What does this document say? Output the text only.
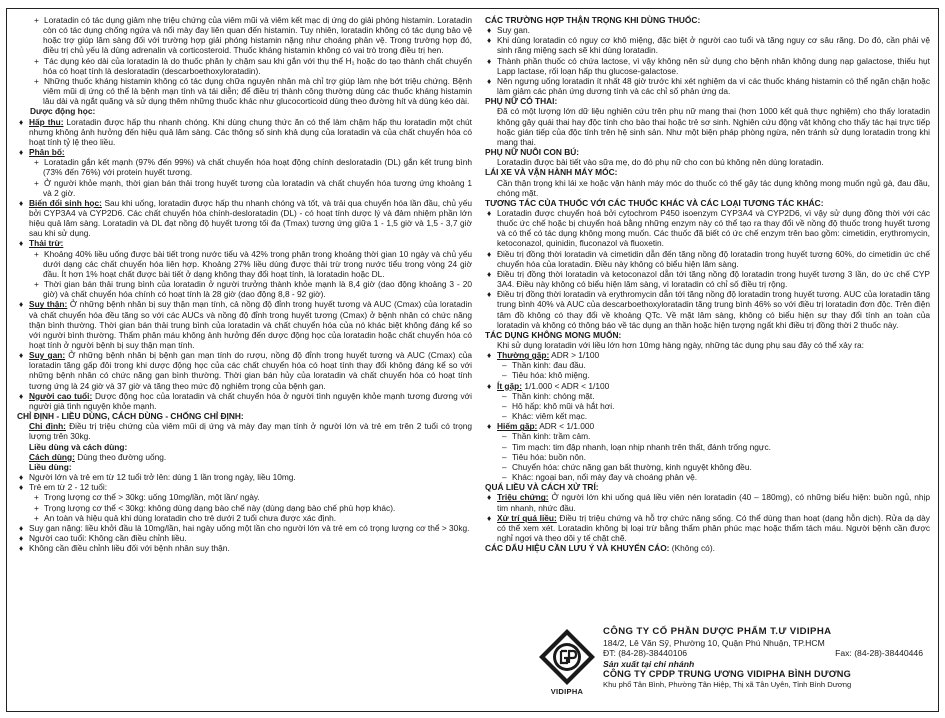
+ Loratadin có tác dụng giảm nhẹ triệu chứng của viêm mũi và viêm kết mạc dị ứng do giải phóng histamin. Loratadin còn có tác dụng chống ngứa và nổi mày đay liên quan đến histamin. Tuy nhiên, loratadin không có tác dụng bảo vệ hoặc trợ giúp lâm sàng đối với trường hợp giải phóng histamin nặng như choáng phản vệ. Trong trường hợp đó, điều trị chủ yếu là dùng adrenalin và corticosteroid. Thuốc kháng histamin không có vai trò trong điều trị hen.

+ Tác dụng kéo dài của loratadin là do thuốc phân ly chậm sau khi gắn với thụ thể H₁ hoặc do tạo thành chất chuyển hóa có hoạt tính là desloratadin (descarboethoxyloratadin).

+ Những thuốc kháng histamin không có tác dụng chữa nguyên nhân mà chỉ trợ giúp làm nhẹ bớt triệu chứng. Bệnh viêm mũi dị ứng có thể là bệnh mạn tính và tái diễn; để điều trị thành công thường dùng các thuốc kháng histamin lâu dài và ngắt quãng và sử dụng thêm những thuốc khác như glucocorticoid dùng theo đường hít và dùng kéo dài.

Dược động học:

♦ Hấp thu: Loratadin được hấp thu nhanh chóng. Khi dùng chung thức ăn có thể làm chậm hấp thu loratadin một chút nhưng không ảnh hưởng đến hiệu quả lâm sàng. Các thông số sinh khả dụng của loratadin và của chất chuyển hóa có hoạt tính tỷ lệ theo liều.

♦ Phân bố:

+ Loratadin gắn kết mạnh (97% đến 99%) và chất chuyển hóa hoạt động chính desloratadin (DL) gắn kết trung bình (73% đến 76%) với protein huyết tương.

+ Ở người khỏe mạnh, thời gian bán thải trong huyết tương của loratadin và chất chuyển hóa tương ứng khoảng 1 và 2 giờ.

♦ Biến đổi sinh học: Sau khi uống, loratadin được hấp thu nhanh chóng và tốt, và trải qua chuyển hóa lần đầu, chủ yếu bởi CYP3A4 và CYP2D6. Các chất chuyển hóa chính-desloratadin (DL) - có hoạt tính dược lý và đảm nhiệm phần lớn hiệu quả lâm sàng. Loratadin và DL đạt nồng độ huyết tương tối đa (Tmax) tương ứng giữa 1 - 1,5 giờ và 1,5 - 3,7 giờ sau khi sử dụng.

♦ Thải trừ:

+ Khoảng 40% liều uống được bài tiết trong nước tiểu và 42% trong phân trong khoảng thời gian 10 ngày và chủ yếu dưới dạng các chất chuyển hóa liên hợp. Khoảng 27% liều dùng được thải trừ trong nước tiểu trong vòng 24 giờ đầu. Ít hơn 1% hoạt chất được bài tiết ở dạng không thay đổi hoạt tính, là loratadin hoặc DL.

+ Thời gian bán thải trung bình của loratadin ở người trưởng thành khỏe mạnh là 8,4 giờ (dao động khoảng 3 - 20 giờ) và chất chuyển hóa chính có hoạt tính là 28 giờ (dao động 8,8 - 92 giờ).

♦ Suy thận: Ở những bệnh nhân bị suy thận mạn tính, cả nồng độ đỉnh trong huyết tương và AUC (Cmax) của loratadin và chất chuyển hóa đều tăng so với các AUCs và nồng độ đỉnh trong huyết tương (Cmax) ở bệnh nhân có chức năng thận bình thường. Thời gian bán thải trung bình của loratadin và chất chuyển hóa của nó khác biệt không đáng kể so với người bình thường. Thẩm phân máu không ảnh hưởng đến dược động học của loratadin hoặc chất chuyển hóa có hoạt tính ở người bệnh bị suy thận mạn tính.

♦ Suy gan: Ở những bệnh nhân bị bệnh gan mạn tính do rượu, nồng độ đỉnh trong huyết tương và AUC (Cmax) của loratadin tăng gấp đôi trong khi dược động học của các chất chuyển hóa có hoạt tính thay đổi không đáng kể so với những bệnh nhân có chức năng gan bình thường. Thời gian bán hủy của loratadin và chất chuyển hóa có hoạt tính tương ứng là 24 giờ và 37 giờ và tăng theo mức độ nghiêm trọng của bệnh gan.

♦ Người cao tuổi: Dược động học của loratadin và chất chuyển hóa ở người tình nguyện khỏe mạnh tương đương với người già tình nguyện khỏe mạnh.

CHỈ ĐỊNH - LIỀU DÙNG, CÁCH DÙNG - CHỐNG CHỈ ĐỊNH:

Chỉ định: Điều trị triệu chứng của viêm mũi dị ứng và mày đay mạn tính ở người lớn và trẻ em trên 2 tuổi có trọng lượng trên 30kg.

Liều dùng và cách dùng:

Cách dùng: Dùng theo đường uống.

Liều dùng:

♦ Người lớn và trẻ em từ 12 tuổi trở lên: dùng 1 lần trong ngày, liều 10mg.

♦ Trẻ em từ 2 - 12 tuổi:

+ Trọng lượng cơ thể > 30kg: uống 10mg/lần, một lần/ ngày.

+ Trọng lượng cơ thể < 30kg: không dùng dạng bào chế này (dùng dạng bào chế phù hợp khác).

+ An toàn và hiệu quả khi dùng loratadin cho trẻ dưới 2 tuổi chưa được xác định.

♦ Suy gan nặng: liều khởi đầu là 10mg/lần, hai ngày uống một lần cho người lớn và trẻ em có trọng lượng cơ thể > 30kg.

♦ Người cao tuổi: Không cần điều chỉnh liều.

♦ Không cần điều chỉnh liều đối với bệnh nhân suy thận.

CÁC TRƯỜNG HỢP THẬN TRỌNG KHI DÙNG THUỐC:

♦ Suy gan.

♦ Khi dùng loratadin có nguy cơ khô miệng, đặc biệt ở người cao tuổi và tăng nguy cơ sâu răng. Do đó, cần phải vệ sinh răng miệng sạch sẽ khi dùng loratadin.

♦ Thành phần thuốc có chứa lactose, vì vậy không nên sử dụng cho bệnh nhân không dung nạp galactose, thiếu hụt Lapp lactase, rối loạn hấp thu glucose-galactose.

♦ Nên ngưng uống loratadin ít nhất 48 giờ trước khi xét nghiệm da vì các thuốc kháng histamin có thể ngăn chặn hoặc làm giảm các phản ứng dương tính và các chỉ số phản ứng da.

PHỤ NỮ CÓ THAI:

Đã có một lượng lớn dữ liệu nghiên cứu trên phụ nữ mang thai (hơn 1000 kết quả thực nghiệm) cho thấy loratadin không gây quái thai hay độc tính cho bào thai hoặc trẻ sơ sinh. Nghiên cứu động vật không cho thấy tác hại trực tiếp hoặc gián tiếp của độc tính trên hệ sinh sản. Như một biện pháp phòng ngừa, nên tránh sử dụng loratadin trong khi mang thai.

PHỤ NỮ NUÔI CON BÚ:

Loratadin được bài tiết vào sữa mẹ, do đó phụ nữ cho con bú không nên dùng loratadin.

LÁI XE VÀ VẬN HÀNH MÁY MÓC:

Cần thận trọng khi lái xe hoặc vận hành máy móc do thuốc có thể gây tác dụng không mong muốn ngủ gà, đau đầu, chóng mặt.

TƯƠNG TÁC CỦA THUỐC VỚI CÁC THUỐC KHÁC VÀ CÁC LOẠI TƯƠNG TÁC KHÁC:

♦ Loratadin được chuyển hoá bởi cytochrom P450 isoenzym CYP3A4 và CYP2D6, vì vậy sử dụng đồng thời với các thuốc ức chế hoặc bị chuyển hoá bằng những enzym này có thể tạo ra thay đổi về nồng độ thuốc trong huyết tương và có thể có tác dụng không mong muốn. Các thuốc đã biết có ức chế enzym trên bao gồm: cimetidin, erythromycin, ketoconazol, quinidin, fluconazol và fluoxetin.

♦ Điều trị đồng thời loratadin và cimetidin dẫn đến tăng nồng độ loratadin trong huyết tương 60%, do cimetidin ức chế chuyển hóa của loratadin. Điều này không có biểu hiện lâm sàng.

♦ Điều trị đồng thời loratadin và ketoconazol dẫn tới tăng nồng độ loratadin trong huyết tương 3 lần, do ức chế CYP 3A4. Điều này không có biểu hiện lâm sàng, vì loratadin có chỉ số điều trị rộng.

♦ Điều trị đồng thời loratadin và erythromycin dẫn tới tăng nồng độ loratadin trong huyết tương. AUC của loratadin tăng trung bình 40% và AUC của descarboethoxyloratadin tăng trung bình 46% so với điều trị loratadin đơn độc. Trên điện tâm đồ không có thay đổi về khoảng QTc. Về mặt lâm sàng, không có biểu hiện sự thay đổi tính an toàn của loratadin và không có thông báo về tác dụng an thần hoặc hiện tượng ngất khi điều trị đồng thời 2 thuốc này.

TÁC DỤNG KHÔNG MONG MUỐN:

Khi sử dụng loratadin với liều lớn hơn 10mg hàng ngày, những tác dụng phụ sau đây có thể xảy ra:

♦ Thường gặp: ADR > 1/100

– Thần kinh: đau đầu.

– Tiêu hóa: khô miệng.

♦ Ít gặp: 1/1.000 < ADR < 1/100

– Thần kinh: chóng mặt.

– Hô hấp: khô mũi và hắt hơi.

– Khác: viêm kết mạc.

♦ Hiếm gặp: ADR < 1/1.000

– Thần kinh: trầm cảm.

– Tim mạch: tim đập nhanh, loạn nhịp nhanh trên thất, đánh trống ngực.

– Tiêu hóa: buồn nôn.

– Chuyển hóa: chức năng gan bất thường, kinh nguyệt không đều.

– Khác: ngoại ban, nổi mày đay và choáng phản vệ.

QUÁ LIỀU VÀ CÁCH XỬ TRÍ:

♦ Triệu chứng: Ở người lớn khi uống quá liều viên nén loratadin (40 – 180mg), có những biểu hiện: buồn ngủ, nhịp tim nhanh, nhức đầu.

♦ Xử trí quá liều: Điều trị triệu chứng và hỗ trợ chức năng sống. Có thể dùng than hoạt (dạng hỗn dịch). Rửa dạ dày có thể xem xét. Loratadin không bị loại trừ bằng thẩm phân phúc mạc hoặc thẩm tách máu. Người bệnh cần được nghỉ ngơi và theo dõi y tế chặt chẽ.

CÁC DẤU HIỆU CẦN LƯU Ý VÀ KHUYẾN CÁO: (Không có).

VIDIPHA
CÔNG TY CỔ PHẦN DƯỢC PHẨM T.Ư VIDIPHA
184/2, Lê Văn Sỹ, Phường 10, Quận Phú Nhuận, TP.HCM
ĐT: (84-28)-38440106	Fax: (84-28)-38440446
Sản xuất tại chi nhánh
CÔNG TY CPDP TRUNG ƯƠNG VIDIPHA BÌNH DƯƠNG
Khu phố Tân Bình, Phường Tân Hiệp, Thị xã Tân Uyên, Tỉnh Bình Dương
